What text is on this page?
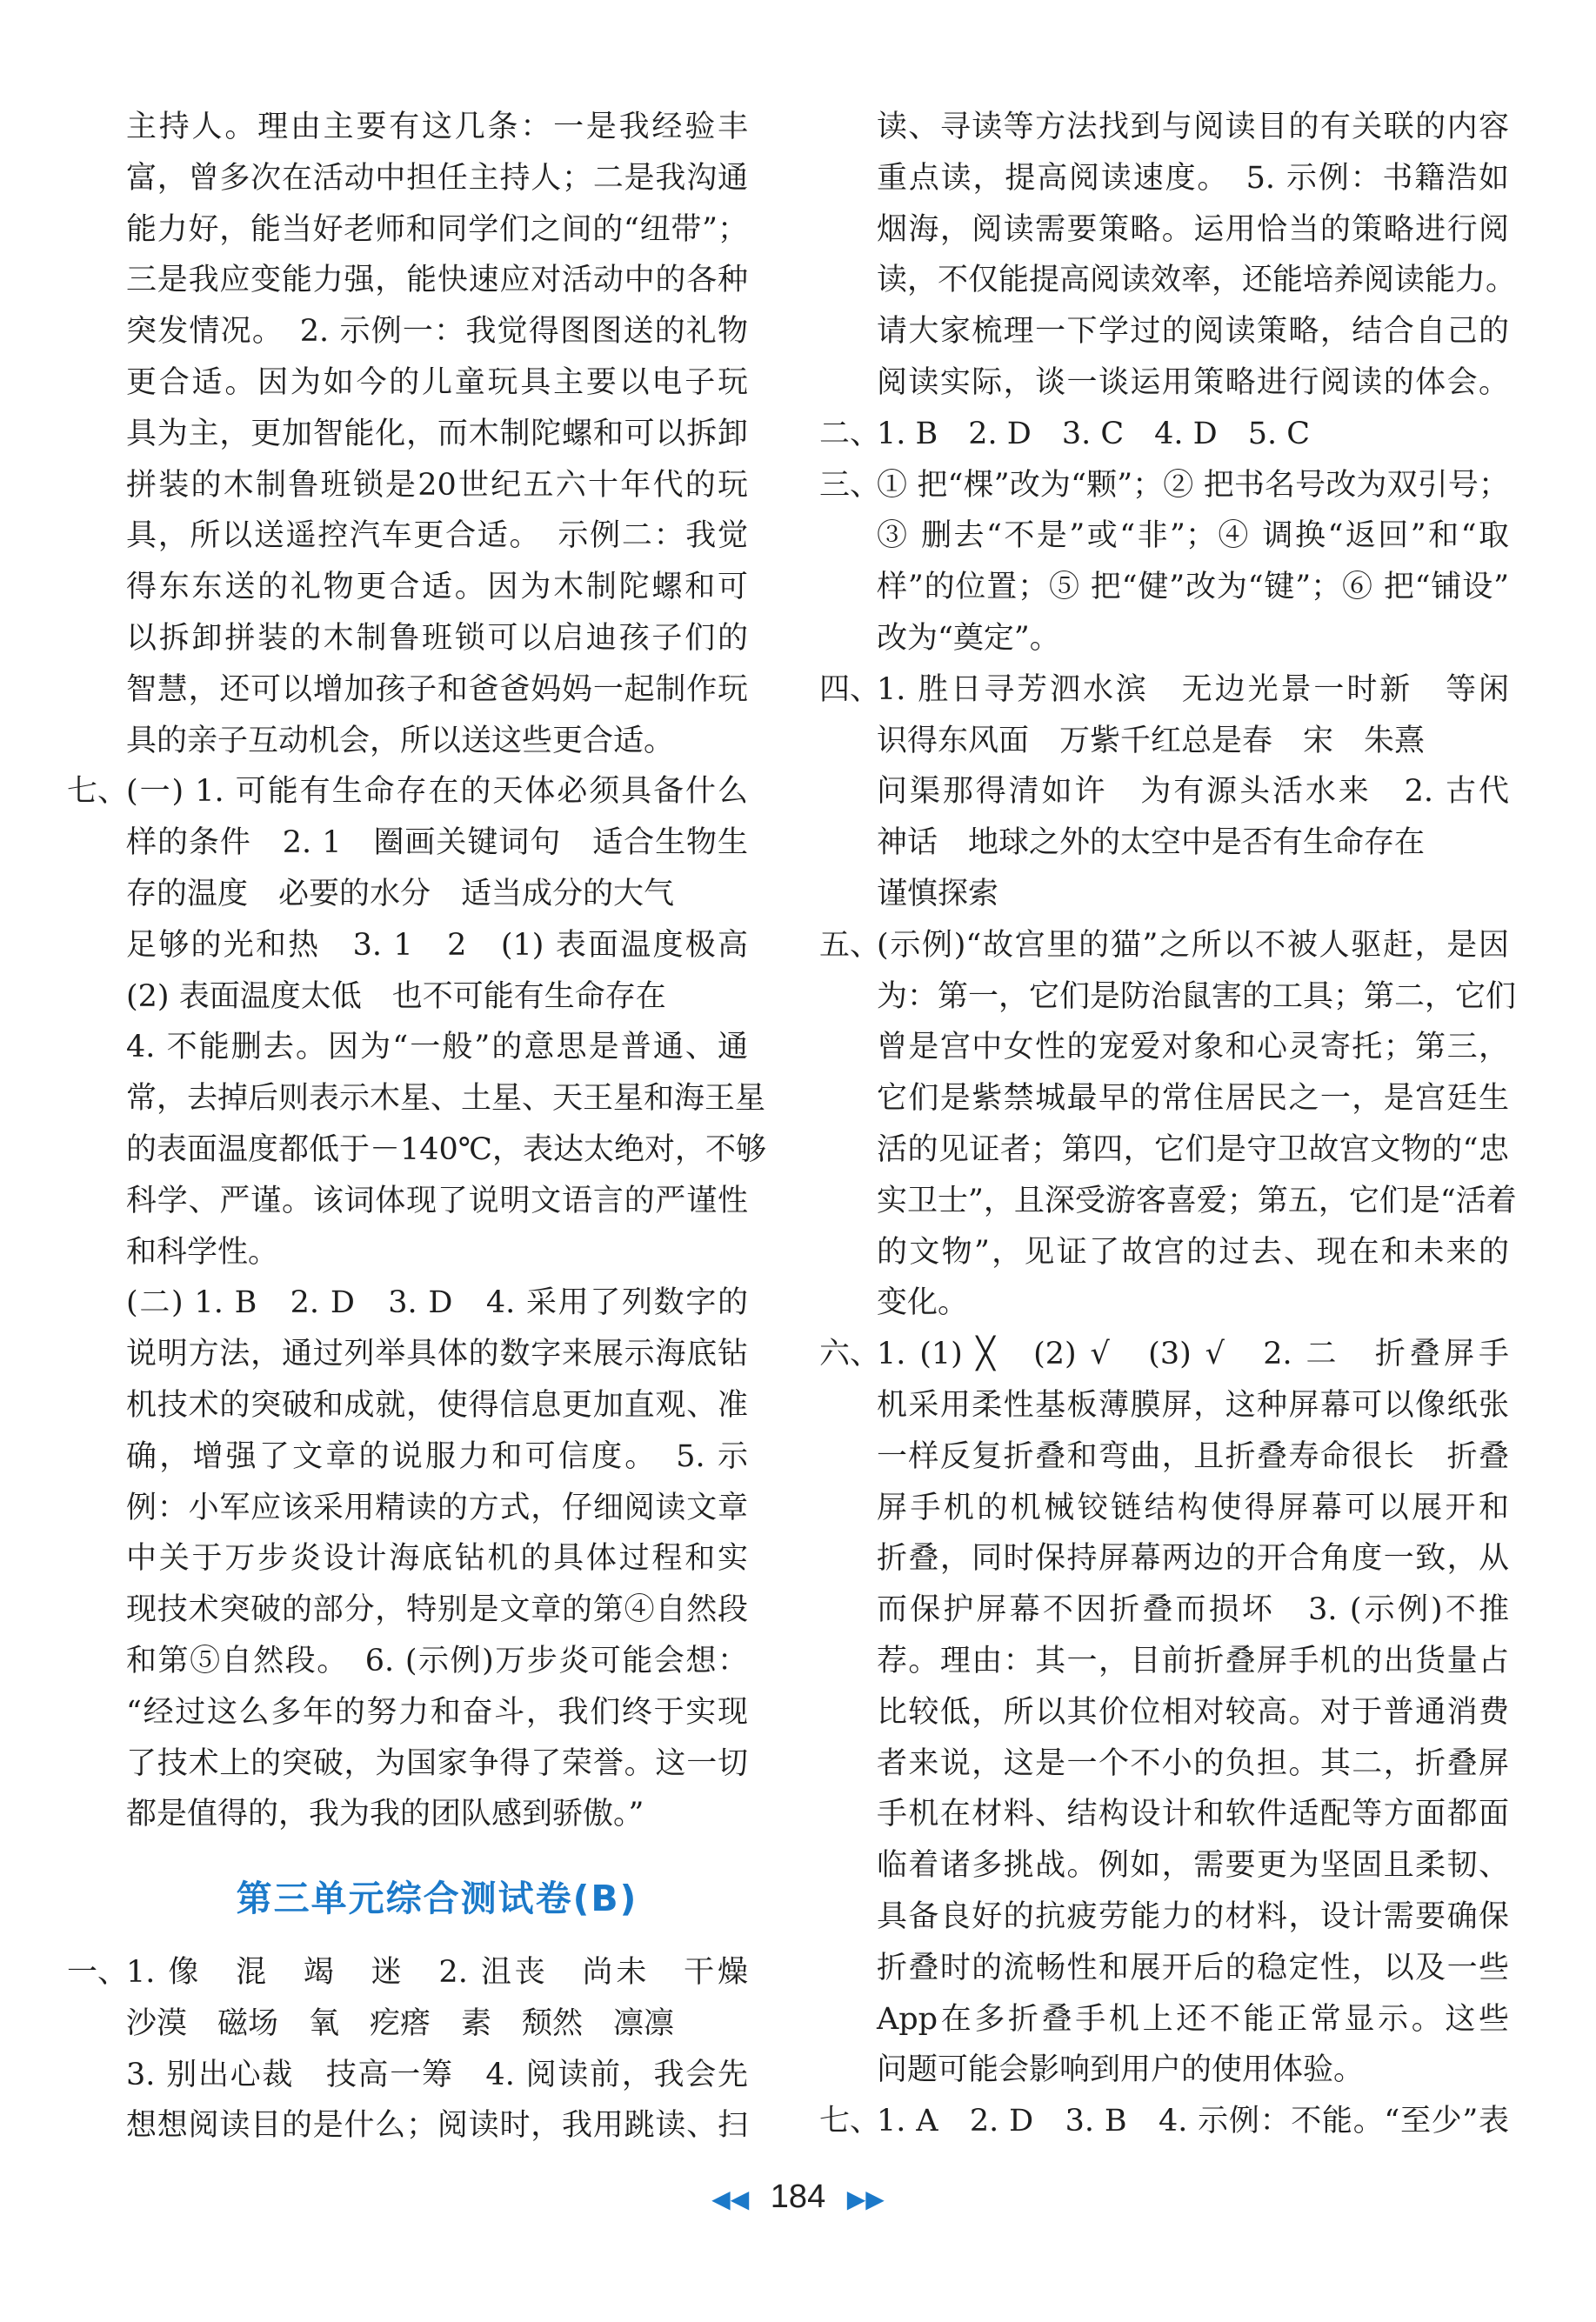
主持人。理由主要有这几条：一是我经验丰
富，曾多次在活动中担任主持人；二是我沟通
能力好，能当好老师和同学们之间的“纽带”；
三是我应变能力强，能快速应对活动中的各种
突发情况。　2. 示例一：我觉得图图送的礼物
更合适。因为如今的儿童玩具主要以电子玩
具为主，更加智能化，而木制陀螺和可以拆卸
拼装的木制鲁班锁是20世纪五六十年代的玩
具，所以送遥控汽车更合适。　示例二：我觉
得东东送的礼物更合适。因为木制陀螺和可
以拆卸拼装的木制鲁班锁可以启迪孩子们的
智慧，还可以增加孩子和爸爸妈妈一起制作玩
具的亲子互动机会，所以送这些更合适。
七、
(一) 1. 可能有生命存在的天体必须具备什么
样的条件　2. 1　圈画关键词句　适合生物生
存的温度　必要的水分　适当成分的大气
足够的光和热　3. 1　2　(1) 表面温度极高
(2) 表面温度太低　也不可能有生命存在
4. 不能删去。因为“一般”的意思是普通、通
常，去掉后则表示木星、土星、天王星和海王星
的表面温度都低于－140℃，表达太绝对，不够
科学、严谨。该词体现了说明文语言的严谨性
和科学性。
(二) 1. B　2. D　3. D　4. 采用了列数字的
说明方法，通过列举具体的数字来展示海底钻
机技术的突破和成就，使得信息更加直观、准
确，增强了文章的说服力和可信度。　5. 示
例：小军应该采用精读的方式，仔细阅读文章
中关于万步炎设计海底钻机的具体过程和实
现技术突破的部分，特别是文章的第④自然段
和第⑤自然段。　6. (示例)万步炎可能会想：
“经过这么多年的努力和奋斗，我们终于实现
了技术上的突破，为国家争得了荣誉。这一切
都是值得的，我为我的团队感到骄傲。”
一、
1. 像　混　竭　迷　2. 沮丧　尚未　干燥
沙漠　磁场　氧　疙瘩　素　颓然　凛凛
3. 别出心裁　技高一筹　4. 阅读前，我会先
想想阅读目的是什么；阅读时，我用跳读、扫
第三单元综合测试卷(B)
读、寻读等方法找到与阅读目的有关联的内容
重点读，提高阅读速度。　5. 示例：书籍浩如
烟海，阅读需要策略。运用恰当的策略进行阅
读，不仅能提高阅读效率，还能培养阅读能力。
请大家梳理一下学过的阅读策略，结合自己的
阅读实际，谈一谈运用策略进行阅读的体会。
二、
1. B　2. D　3. C　4. D　5. C
三、
① 把“棵”改为“颗”；② 把书名号改为双引号；
③ 删去“不是”或“非”；④ 调换“返回”和“取
样”的位置；⑤ 把“健”改为“键”；⑥ 把“铺设”
改为“奠定”。
四、
1. 胜日寻芳泗水滨　无边光景一时新　等闲
识得东风面　万紫千红总是春　宋　朱熹
问渠那得清如许　为有源头活水来　2. 古代
神话　地球之外的太空中是否有生命存在
谨慎探索
五、
(示例)“故宫里的猫”之所以不被人驱赶，是因
为：第一，它们是防治鼠害的工具；第二，它们
曾是宫中女性的宠爱对象和心灵寄托；第三，
它们是紫禁城最早的常住居民之一，是宫廷生
活的见证者；第四，它们是守卫故宫文物的“忠
实卫士”，且深受游客喜爱；第五，它们是“活着
的文物”，见证了故宫的过去、现在和未来的
变化。
六、
1. (1) ╳　(2) √　(3) √　2. 二　折叠屏手
机采用柔性基板薄膜屏，这种屏幕可以像纸张
一样反复折叠和弯曲，且折叠寿命很长　折叠
屏手机的机械铰链结构使得屏幕可以展开和
折叠，同时保持屏幕两边的开合角度一致，从
而保护屏幕不因折叠而损坏　3. (示例)不推
荐。理由：其一，目前折叠屏手机的出货量占
比较低，所以其价位相对较高。对于普通消费
者来说，这是一个不小的负担。其二，折叠屏
手机在材料、结构设计和软件适配等方面都面
临着诸多挑战。例如，需要更为坚固且柔韧、
具备良好的抗疲劳能力的材料，设计需要确保
折叠时的流畅性和展开后的稳定性，以及一些
App在多折叠手机上还不能正常显示。这些
问题可能会影响到用户的使用体验。
七、
1. A　2. D　3. B　4. 示例：不能。“至少”表
◀◀ 184 ▶▶
